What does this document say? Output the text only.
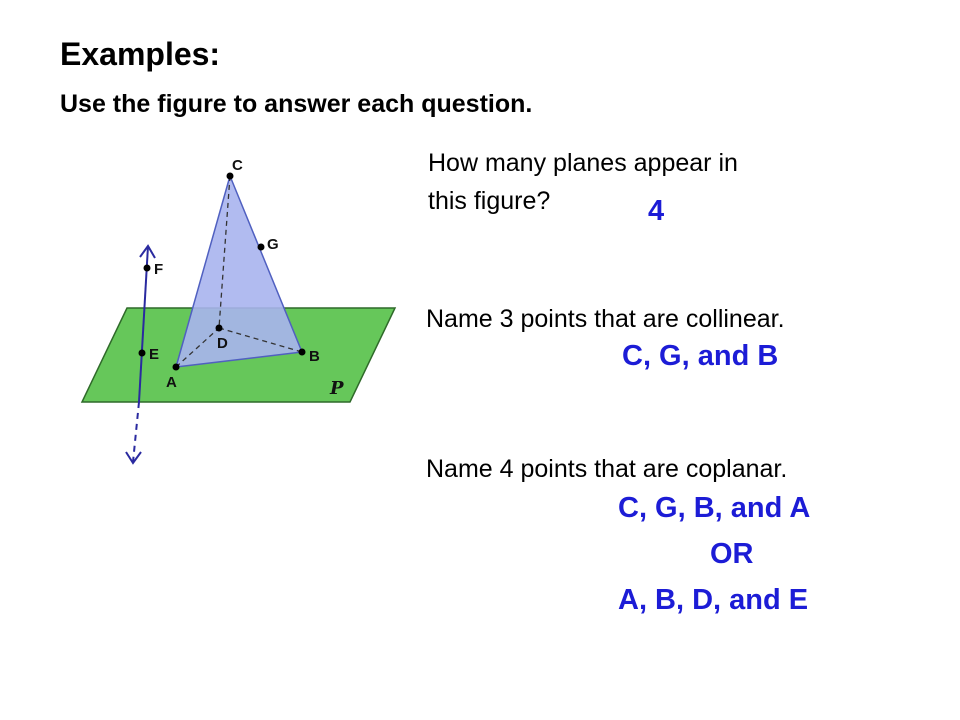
Examples:
Use the figure to answer each question.
C
G
F
E
D
B
A	P
How many planes appear in
this figure?	4
Name 3 points that are collinear.
C, G, and B
Name 4 points that are coplanar.
C, G, B, and A
OR
A, B, D, and E
